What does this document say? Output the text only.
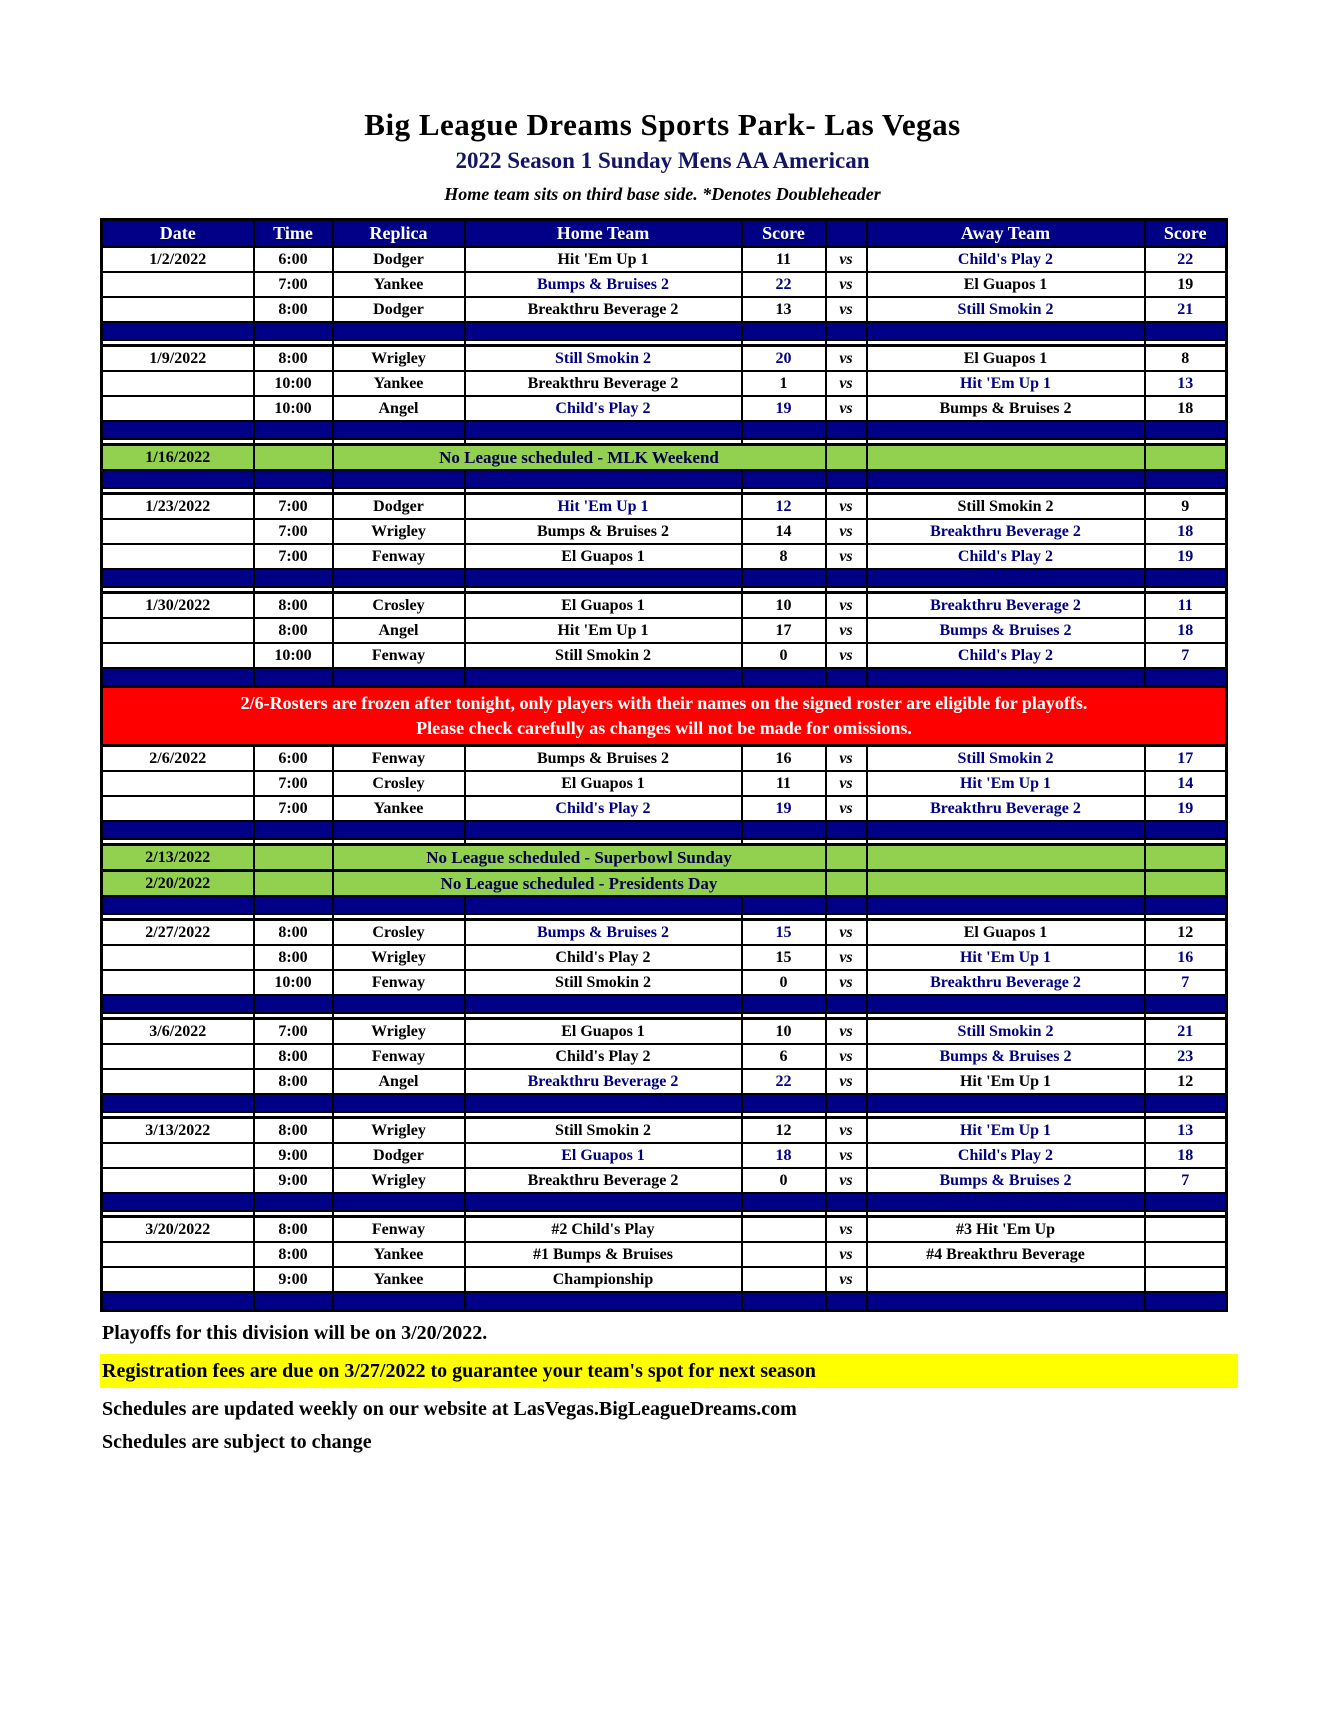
Big League Dreams Sports Park- Las Vegas
2022 Season 1 Sunday Mens AA American
Home team sits on third base side. *Denotes Doubleheader
Date	Time	Replica	Home Team	Score		Away Team	Score
1/2/2022	6:00	Dodger	Hit 'Em Up 1	11	vs	Child's Play 2	22
	7:00	Yankee	Bumps & Bruises 2	22	vs	El Guapos 1	19
	8:00	Dodger	Breakthru Beverage 2	13	vs	Still Smokin 2	21

1/9/2022	8:00	Wrigley	Still Smokin 2	20	vs	El Guapos 1	8
	10:00	Yankee	Breakthru Beverage 2	1	vs	Hit 'Em Up 1	13
	10:00	Angel	Child's Play 2	19	vs	Bumps & Bruises 2	18

1/16/2022		No League scheduled - MLK Weekend					

1/23/2022	7:00	Dodger	Hit 'Em Up 1	12	vs	Still Smokin 2	9
	7:00	Wrigley	Bumps & Bruises 2	14	vs	Breakthru Beverage 2	18
	7:00	Fenway	El Guapos 1	8	vs	Child's Play 2	19

1/30/2022	8:00	Crosley	El Guapos 1	10	vs	Breakthru Beverage 2	11
	8:00	Angel	Hit 'Em Up 1	17	vs	Bumps & Bruises 2	18
	10:00	Fenway	Still Smokin 2	0	vs	Child's Play 2	7

2/6-Rosters are frozen after tonight, only players with their names on the signed roster are eligible for playoffs.
Please check carefully as changes will not be made for omissions.							

2/6/2022	6:00	Fenway	Bumps & Bruises 2	16	vs	Still Smokin 2	17
	7:00	Crosley	El Guapos 1	11	vs	Hit 'Em Up 1	14
	7:00	Yankee	Child's Play 2	19	vs	Breakthru Beverage 2	19

2/13/2022		No League scheduled - Superbowl Sunday					
2/20/2022		No League scheduled - Presidents Day					

2/27/2022	8:00	Crosley	Bumps & Bruises 2	15	vs	El Guapos 1	12
	8:00	Wrigley	Child's Play 2	15	vs	Hit 'Em Up 1	16
	10:00	Fenway	Still Smokin 2	0	vs	Breakthru Beverage 2	7

3/6/2022	7:00	Wrigley	El Guapos 1	10	vs	Still Smokin 2	21
	8:00	Fenway	Child's Play 2	6	vs	Bumps & Bruises 2	23
	8:00	Angel	Breakthru Beverage 2	22	vs	Hit 'Em Up 1	12

3/13/2022	8:00	Wrigley	Still Smokin 2	12	vs	Hit 'Em Up 1	13
	9:00	Dodger	El Guapos 1	18	vs	Child's Play 2	18
	9:00	Wrigley	Breakthru Beverage 2	0	vs	Bumps & Bruises 2	7

3/20/2022	8:00	Fenway	#2 Child's Play		vs	#3 Hit 'Em Up	
	8:00	Yankee	#1 Bumps & Bruises		vs	#4 Breakthru Beverage	
	9:00	Yankee	Championship		vs		

Playoffs for this division will be on 3/20/2022.
Registration fees are due on 3/27/2022 to guarantee your team's spot for next season
Schedules are updated weekly on our website at LasVegas.BigLeagueDreams.com
Schedules are subject to change
